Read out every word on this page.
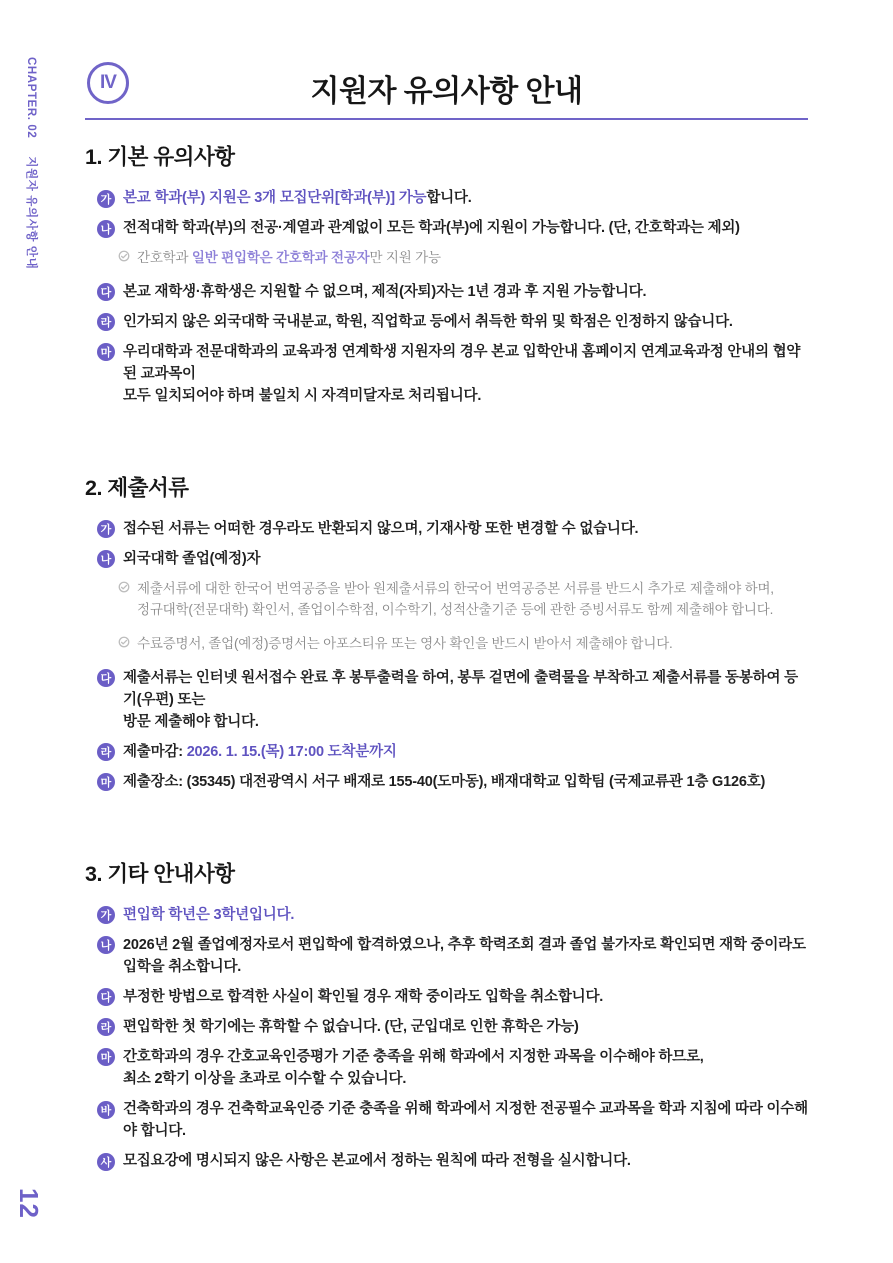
CHAPTER. 02지원자 유의사항 안내
12
IV	지원자 유의사항 안내
1. 기본 유의사항
가 본교 학과(부) 지원은 3개 모집단위[학과(부)] 가능합니다.
나 전적대학 학과(부)의 전공·계열과 관계없이 모든 학과(부)에 지원이 가능합니다. (단, 간호학과는 제외)
간호학과 일반 편입학은 간호학과 전공자만 지원 가능
다 본교 재학생·휴학생은 지원할 수 없으며, 제적(자퇴)자는 1년 경과 후 지원 가능합니다.
라 인가되지 않은 외국대학 국내분교, 학원, 직업학교 등에서 취득한 학위 및 학점은 인정하지 않습니다.
마 우리대학과 전문대학과의 교육과정 연계학생 지원자의 경우 본교 입학안내 홈페이지 연계교육과정 안내의 협약된 교과목이
모두 일치되어야 하며 불일치 시 자격미달자로 처리됩니다.
2. 제출서류
가 접수된 서류는 어떠한 경우라도 반환되지 않으며, 기재사항 또한 변경할 수 없습니다.
나 외국대학 졸업(예정)자
제출서류에 대한 한국어 번역공증을 받아 원제출서류의 한국어 번역공증본 서류를 반드시 추가로 제출해야 하며,
정규대학(전문대학) 확인서, 졸업이수학점, 이수학기, 성적산출기준 등에 관한 증빙서류도 함께 제출해야 합니다.
수료증명서, 졸업(예정)증명서는 아포스티유 또는 영사 확인을 반드시 받아서 제출해야 합니다.
다 제출서류는 인터넷 원서접수 완료 후 봉투출력을 하여, 봉투 겉면에 출력물을 부착하고 제출서류를 동봉하여 등기(우편) 또는
방문 제출해야 합니다.
라 제출마감: 2026. 1. 15.(목) 17:00 도착분까지
마 제출장소: (35345) 대전광역시 서구 배재로 155-40(도마동), 배재대학교 입학팀 (국제교류관 1층 G126호)
3. 기타 안내사항
가 편입학 학년은 3학년입니다.
나 2026년 2월 졸업예정자로서 편입학에 합격하였으나, 추후 학력조회 결과 졸업 불가자로 확인되면 재학 중이라도 입학을 취소합니다.
다 부정한 방법으로 합격한 사실이 확인될 경우 재학 중이라도 입학을 취소합니다.
라 편입학한 첫 학기에는 휴학할 수 없습니다. (단, 군입대로 인한 휴학은 가능)
마 간호학과의 경우 간호교육인증평가 기준 충족을 위해 학과에서 지정한 과목을 이수해야 하므로,
최소 2학기 이상을 초과로 이수할 수 있습니다.
바 건축학과의 경우 건축학교육인증 기준 충족을 위해 학과에서 지정한 전공필수 교과목을 학과 지침에 따라 이수해야 합니다.
사 모집요강에 명시되지 않은 사항은 본교에서 정하는 원칙에 따라 전형을 실시합니다.
